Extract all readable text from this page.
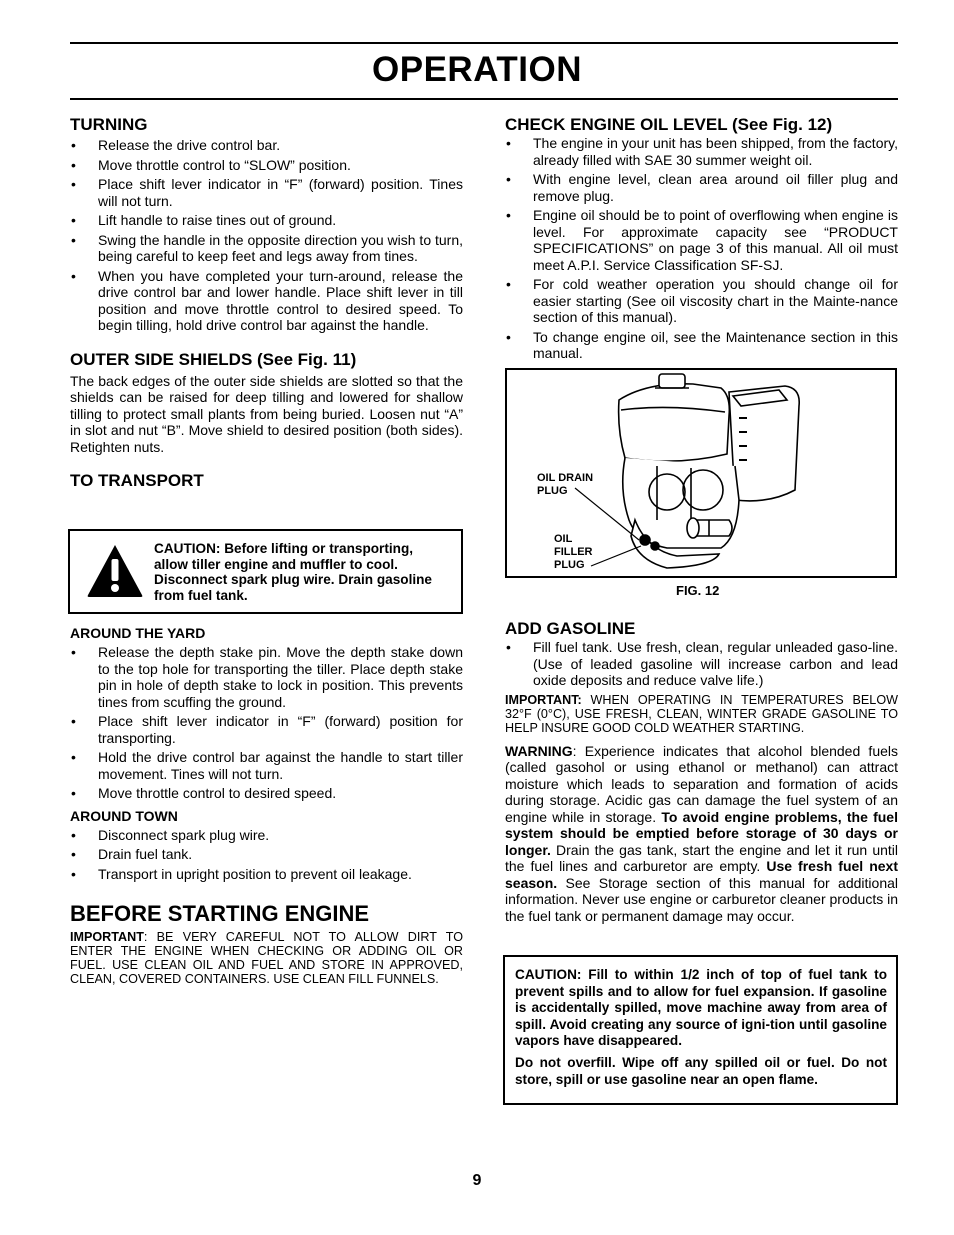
OPERATION
TURNING
• Release the drive control bar.
• Move throttle control to “SLOW” position.
• Place shift lever indicator in “F” (forward) position. Tines will not turn.
• Lift handle to raise tines out of ground.
• Swing the handle in the opposite direction you wish to turn, being careful to keep feet and legs away from tines.
• When you have completed your turn-around, release the drive control bar and lower handle. Place shift lever in till position and move throttle control to desired speed. To begin tilling, hold drive control bar against the handle.
OUTER SIDE SHIELDS (See Fig. 11)

The back edges of the outer side shields are slotted so that the shields can be raised for deep tilling and lowered for shallow tilling to protect small plants from being buried. Loosen nut “A” in slot and nut “B”. Move shield to desired position (both sides). Retighten nuts.

TO TRANSPORT
CAUTION: Before lifting or transporting, allow tiller engine and muffler to cool. Disconnect spark plug wire. Drain gasoline from fuel tank.
AROUND THE YARD
• Release the depth stake pin. Move the depth stake down to the top hole for transporting the tiller. Place depth stake pin in hole of depth stake to lock in position. This prevents tines from scuffing the ground.
• Place shift lever indicator in “F” (forward) position for transporting.
• Hold the drive control bar against the handle to start tiller movement. Tines will not turn.
• Move throttle control to desired speed.
AROUND TOWN
• Disconnect spark plug wire.
• Drain fuel tank.
• Transport in upright position to prevent oil leakage.
BEFORE STARTING ENGINE

IMPORTANT: BE VERY CAREFUL NOT TO ALLOW DIRT TO ENTER THE ENGINE WHEN CHECKING OR ADDING OIL OR FUEL. USE CLEAN OIL AND FUEL AND STORE IN APPROVED, CLEAN, COVERED CONTAINERS. USE CLEAN FILL FUNNELS.

CHECK ENGINE OIL LEVEL (See Fig. 12)
• The engine in your unit has been shipped, from the factory, already filled with SAE 30 summer weight oil.
• With engine level, clean area around oil filler plug and remove plug.
• Engine oil should be to point of overflowing when engine is level. For approximate capacity see “PRODUCT SPECIFICATIONS” on page 3 of this manual. All oil must meet A.P.I. Service Classification SF-SJ.
• For cold weather operation you should change oil for easier starting (See oil viscosity chart in the Mainte-nance section of this manual).
• To change engine oil, see the Maintenance section in this manual.
OIL DRAIN
PLUG
OIL
FILLER
PLUG
FIG. 12
ADD GASOLINE
• Fill fuel tank. Use fresh, clean, regular unleaded gaso-line. (Use of leaded gasoline will increase carbon and lead oxide deposits and reduce valve life.)

IMPORTANT: WHEN OPERATING IN TEMPERATURES BELOW 32°F (0°C), USE FRESH, CLEAN, WINTER GRADE GASOLINE TO HELP INSURE GOOD COLD WEATHER STARTING.

WARNING: Experience indicates that alcohol blended fuels (called gasohol or using ethanol or methanol) can attract moisture which leads to separation and formation of acids during storage. Acidic gas can damage the fuel system of an engine while in storage. To avoid engine problems, the fuel system should be emptied before storage of 30 days or longer. Drain the gas tank, start the engine and let it run until the fuel lines and carburetor are empty. Use fresh fuel next season. See Storage section of this manual for additional information. Never use engine or carburetor cleaner products in the fuel tank or permanent damage may occur.

CAUTION: Fill to within 1/2 inch of top of fuel tank to prevent spills and to allow for fuel expansion. If gasoline is accidentally spilled, move machine away from area of spill. Avoid creating any source of igni-tion until gasoline vapors have disappeared.
Do not overfill. Wipe off any spilled oil or fuel. Do not store, spill or use gasoline near an open flame.
9
